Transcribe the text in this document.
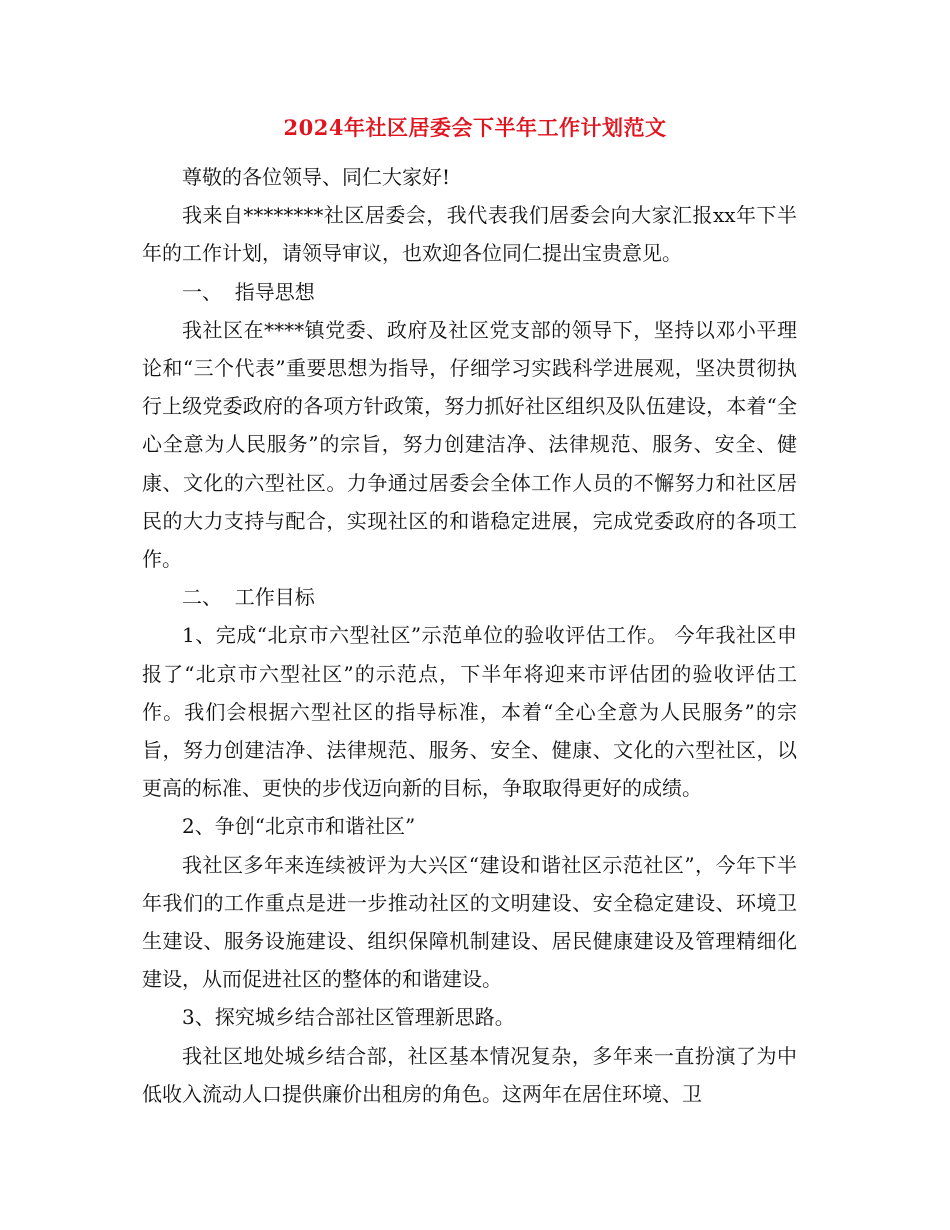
2024年社区居委会下半年工作计划范文

尊敬的各位领导、同仁大家好!

我来自********社区居委会，我代表我们居委会向大家汇报xx年下半年的工作计划，请领导审议，也欢迎各位同仁提出宝贵意见。

一、  指导思想

我社区在****镇党委、政府及社区党支部的领导下，坚持以邓小平理论和“三个代表”重要思想为指导，仔细学习实践科学进展观，坚决贯彻执行上级党委政府的各项方针政策，努力抓好社区组织及队伍建设，本着“全心全意为人民服务”的宗旨，努力创建洁净、法律规范、服务、安全、健康、文化的六型社区。力争通过居委会全体工作人员的不懈努力和社区居民的大力支持与配合，实现社区的和谐稳定进展，完成党委政府的各项工作。

二、  工作目标

1、完成“北京市六型社区”示范单位的验收评估工作。 今年我社区申报了“北京市六型社区”的示范点，下半年将迎来市评估团的验收评估工作。我们会根据六型社区的指导标准，本着“全心全意为人民服务”的宗旨，努力创建洁净、法律规范、服务、安全、健康、文化的六型社区，以更高的标准、更快的步伐迈向新的目标，争取取得更好的成绩。

2、争创“北京市和谐社区”

我社区多年来连续被评为大兴区“建设和谐社区示范社区”，今年下半年我们的工作重点是进一步推动社区的文明建设、安全稳定建设、环境卫生建设、服务设施建设、组织保障机制建设、居民健康建设及管理精细化建设，从而促进社区的整体的和谐建设。

3、探究城乡结合部社区管理新思路。

我社区地处城乡结合部，社区基本情况复杂，多年来一直扮演了为中低收入流动人口提供廉价出租房的角色。这两年在居住环境、卫
